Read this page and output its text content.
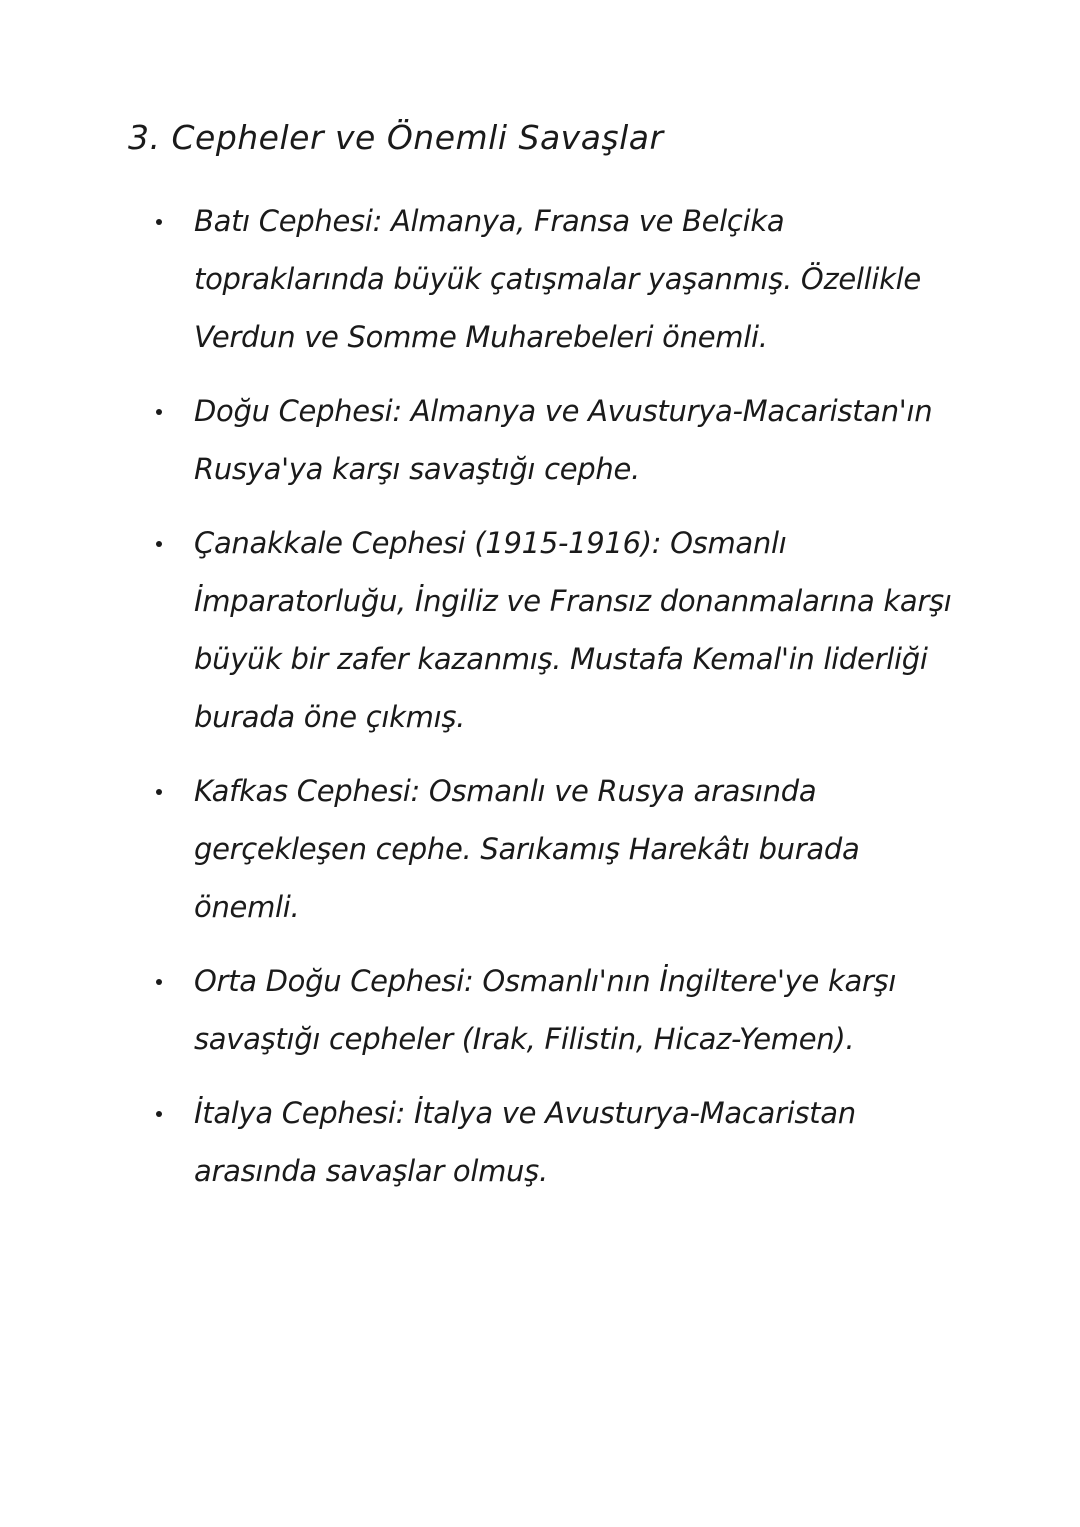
3. Cepheler ve Önemli Savaşlar
Batı Cephesi: Almanya, Fransa ve Belçika topraklarında büyük çatışmalar yaşanmış. Özellikle Verdun ve Somme Muharebeleri önemli.
Doğu Cephesi: Almanya ve Avusturya-Macaristan'ın Rusya'ya karşı savaştığı cephe.
Çanakkale Cephesi (1915-1916): Osmanlı İmparatorluğu, İngiliz ve Fransız donanmalarına karşı büyük bir zafer kazanmış. Mustafa Kemal'in liderliği burada öne çıkmış.
Kafkas Cephesi: Osmanlı ve Rusya arasında gerçekleşen cephe. Sarıkamış Harekâtı burada önemli.
Orta Doğu Cephesi: Osmanlı'nın İngiltere'ye karşı savaştığı cepheler (Irak, Filistin, Hicaz-Yemen).
İtalya Cephesi: İtalya ve Avusturya-Macaristan arasında savaşlar olmuş.
